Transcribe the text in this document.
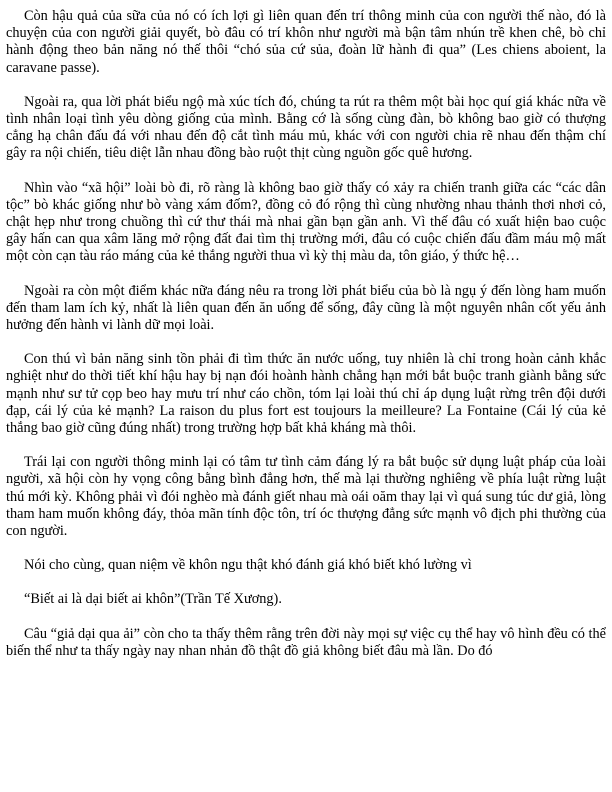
Còn hậu quả của sữa của nó có ích lợi gì liên quan đến trí thông minh của con người thế nào, đó là chuyện của con người giải quyết, bò đâu có trí khôn như người mà bận tâm nhún trề khen chê, bò chỉ hành động theo bản năng nó thế thôi “chó sủa cứ sủa, đoàn lữ hành đi qua” (Les chiens aboient, la caravane passe).

Ngoài ra, qua lời phát biểu ngộ mà xúc tích đó, chúng ta rút ra thêm một bài học quí giá khác nữa về tình nhân loại tình yêu dòng giống của mình. Bằng cớ là sống cùng đàn, bò không bao giờ có thượng cẳng hạ chân đấu đá với nhau đến độ cắt tình máu mủ, khác với con người chia rẽ nhau đến thậm chí gây ra nội chiến, tiêu diệt lẫn nhau đồng bào ruột thịt cùng nguồn gốc quê hương.

Nhìn vào “xã hội” loài bò đi, rõ ràng là không bao giờ thấy có xảy ra chiến tranh giữa các “các dân tộc” bò khác giống như bò vàng xám đốm?, đồng cỏ đó rộng thì cùng nhường nhau thảnh thơi nhơi cỏ, chật hẹp như trong chuồng thì cứ thư thái mà nhai gần bạn gần anh. Vì thế đâu có xuất hiện bao cuộc gây hấn can qua xâm lăng mở rộng đất đai tìm thị trường mới, đâu có cuộc chiến đấu đầm máu mộ mất một còn cạn tàu ráo máng của kẻ thắng người thua vì kỳ thị màu da, tôn giáo, ý thức hệ…

Ngoài ra còn một điểm khác nữa đáng nêu ra trong lời phát biểu của bò là ngụ ý đến lòng ham muốn đến tham lam ích kỷ, nhất là liên quan đến ăn uống để sống, đây cũng là một nguyên nhân cốt yếu ảnh hưởng đến hành vi lành dữ mọi loài.

Con thú vì bản năng sinh tồn phải đi tìm thức ăn nước uống, tuy nhiên là chỉ trong hoàn cảnh khắc nghiệt như do thời tiết khí hậu hay bị nạn đói hoành hành chẳng hạn mới bắt buộc tranh giành bằng sức mạnh như sư tử cọp beo hay mưu trí như cáo chồn, tóm lại loài thú chỉ áp dụng luật rừng trên đội dưới đạp, cái lý của kẻ mạnh? La raison du plus fort est toujours la meilleure? La Fontaine (Cái lý của kẻ thắng bao giờ cũng đúng nhất) trong trường hợp bất khả kháng mà thôi.

Trái lại con người thông minh lại có tâm tư tình cảm đáng lý ra bắt buộc sử dụng luật pháp của loài người, xã hội còn hy vọng công bằng bình đẳng hơn, thế mà lại thường nghiêng về phía luật rừng luật thú mới kỳ. Không phải vì đói nghèo mà đánh giết nhau mà oái oăm thay lại vì quá sung túc dư giả, lòng tham ham muốn không đáy, thỏa mãn tính độc tôn, trí óc thượng đẳng sức mạnh vô địch phi thường của con người.

Nói cho cùng, quan niệm về khôn ngu thật khó đánh giá khó biết khó lường vì

“Biết ai là dại biết ai khôn”(Trần Tế Xương).

Câu “giả dại qua ải” còn cho ta thấy thêm rằng trên đời này mọi sự việc cụ thể hay vô hình đều có thể biến thể như ta thấy ngày nay nhan nhản đồ thật đồ giả không biết đâu mà lần. Do đó
